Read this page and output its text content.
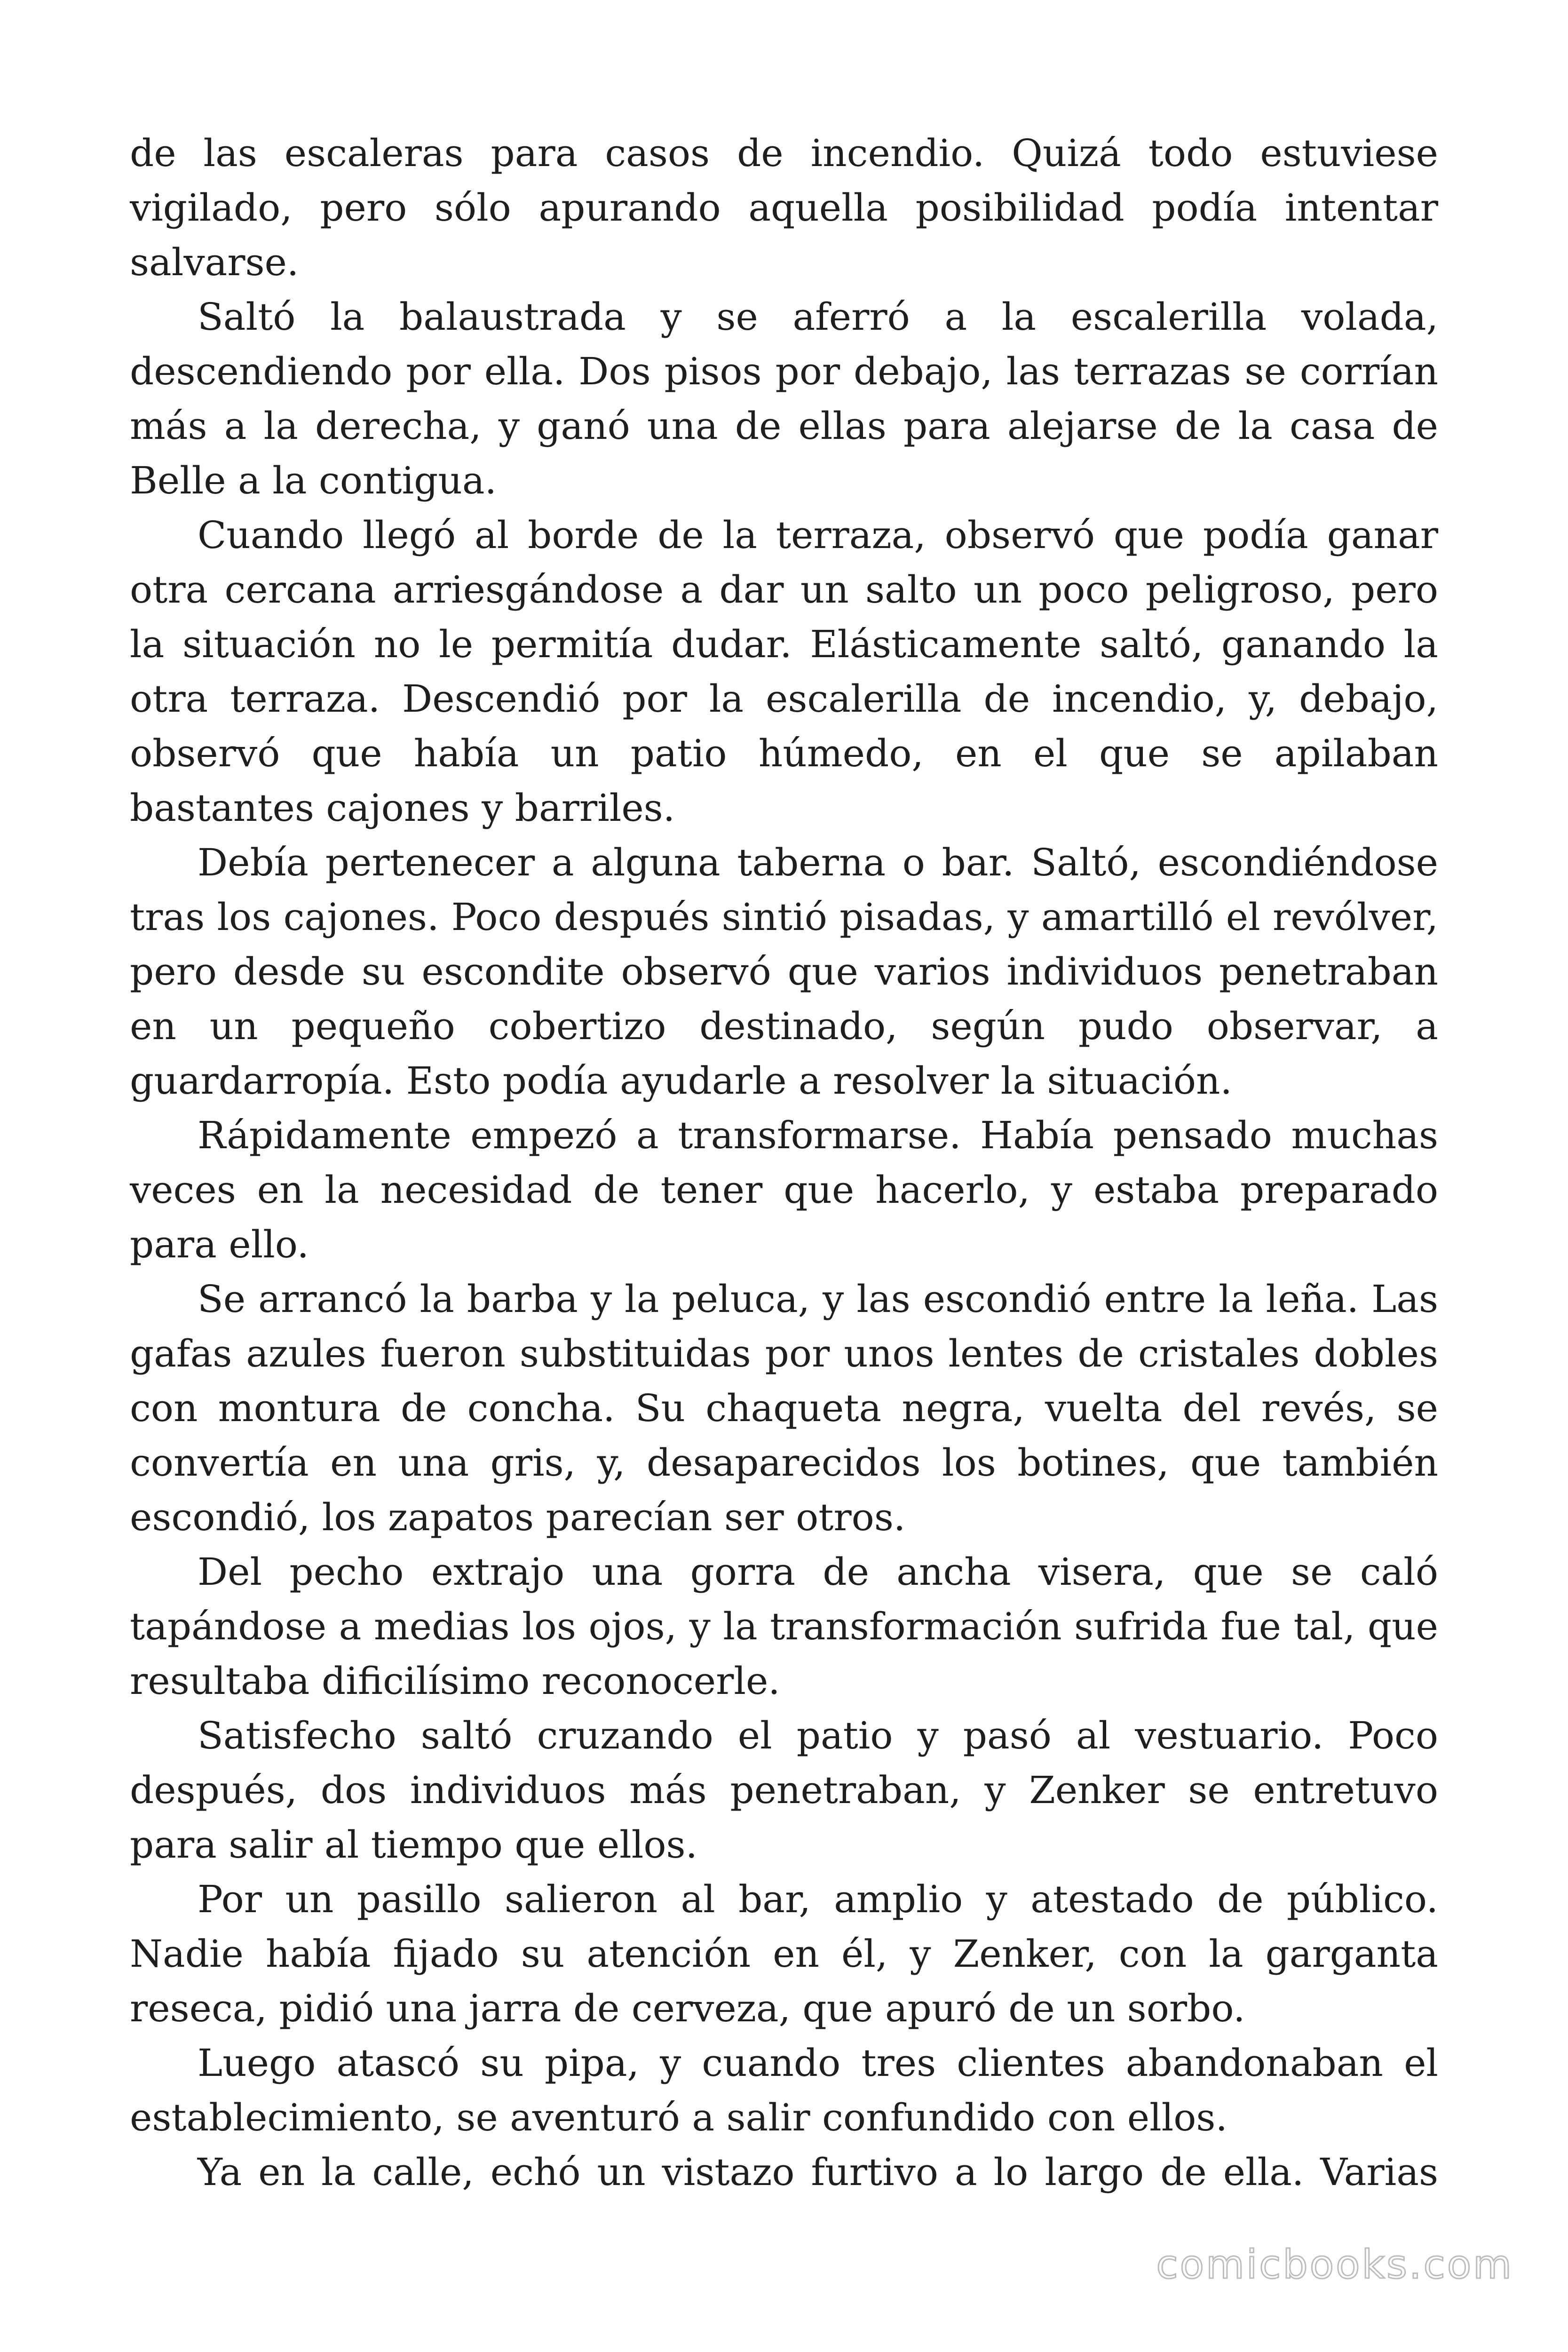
de las escaleras para casos de incendio. Quizá todo estuviese vigilado, pero sólo apurando aquella posibilidad podía intentar salvarse.

Saltó la balaustrada y se aferró a la escalerilla volada, descendiendo por ella. Dos pisos por debajo, las terrazas se corrían más a la derecha, y ganó una de ellas para alejarse de la casa de Belle a la contigua.

Cuando llegó al borde de la terraza, observó que podía ganar otra cercana arriesgándose a dar un salto un poco peligroso, pero la situación no le permitía dudar. Elásticamente saltó, ganando la otra terraza. Descendió por la escalerilla de incendio, y, debajo, observó que había un patio húmedo, en el que se apilaban bastantes cajones y barriles.

Debía pertenecer a alguna taberna o bar. Saltó, escondiéndose tras los cajones. Poco después sintió pisadas, y amartilló el revólver, pero desde su escondite observó que varios individuos penetraban en un pequeño cobertizo destinado, según pudo observar, a guardarropía. Esto podía ayudarle a resolver la situación.

Rápidamente empezó a transformarse. Había pensado muchas veces en la necesidad de tener que hacerlo, y estaba preparado para ello.

Se arrancó la barba y la peluca, y las escondió entre la leña. Las gafas azules fueron substituidas por unos lentes de cristales dobles con montura de concha. Su chaqueta negra, vuelta del revés, se convertía en una gris, y, desaparecidos los botines, que también escondió, los zapatos parecían ser otros.

Del pecho extrajo una gorra de ancha visera, que se caló tapándose a medias los ojos, y la transformación sufrida fue tal, que resultaba dificilísimo reconocerle.

Satisfecho saltó cruzando el patio y pasó al vestuario. Poco después, dos individuos más penetraban, y Zenker se entretuvo para salir al tiempo que ellos.

Por un pasillo salieron al bar, amplio y atestado de público. Nadie había fijado su atención en él, y Zenker, con la garganta reseca, pidió una jarra de cerveza, que apuró de un sorbo.

Luego atascó su pipa, y cuando tres clientes abandonaban el establecimiento, se aventuró a salir confundido con ellos.

Ya en la calle, echó un vistazo furtivo a lo largo de ella. Varias

comicbooks.com
